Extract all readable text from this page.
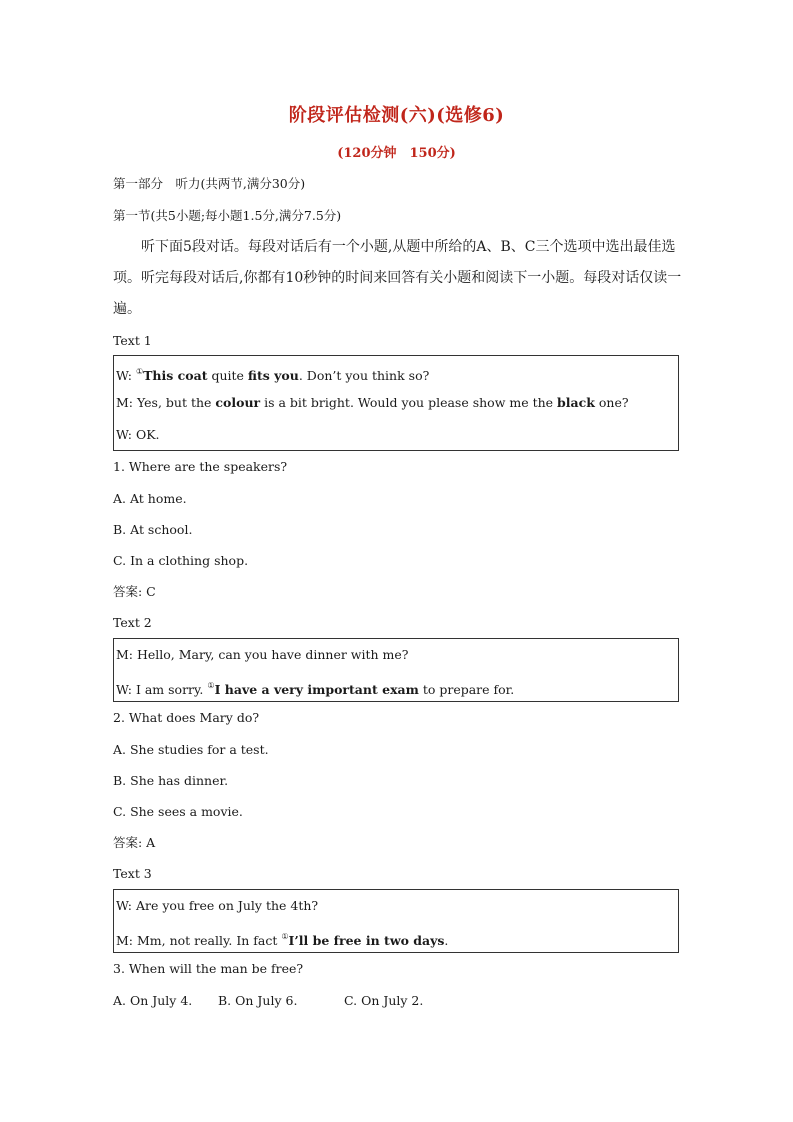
阶段评估检测(六)(选修6)
(120分钟　150分)
第一部分　听力(共两节,满分30分)
第一节(共5小题;每小题1.5分,满分7.5分)
听下面5段对话。每段对话后有一个小题,从题中所给的A、B、C三个选项中选出最佳选项。听完每段对话后,你都有10秒钟的时间来回答有关小题和阅读下一小题。每段对话仅读一遍。
Text 1
W: ①This coat quite fits you. Don’t you think so?
M: Yes, but the colour is a bit bright. Would you please show me the black one?
W: OK.
1. Where are the speakers?
A. At home.
B. At school.
C. In a clothing shop.
答案: C
Text 2
M: Hello, Mary, can you have dinner with me?
W: I am sorry. ①I have a very important exam to prepare for.
2. What does Mary do?
A. She studies for a test.
B. She has dinner.
C. She sees a movie.
答案: A
Text 3
W: Are you free on July the 4th?
M: Mm, not really. In fact ①I’ll be free in two days.
3. When will the man be free?
A. On July 4. B. On July 6.	C. On July 2.
